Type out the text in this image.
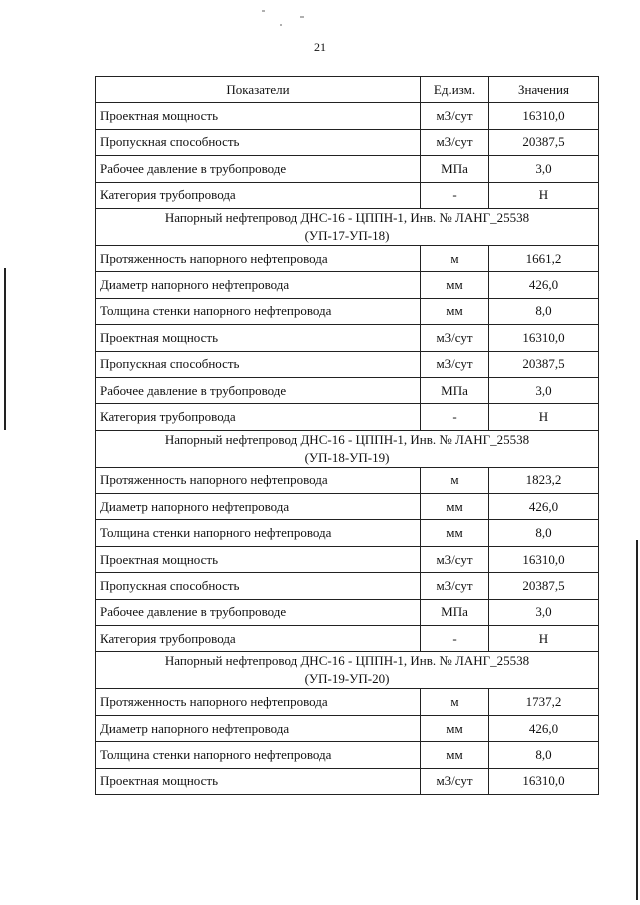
21
Показатели	Ед.изм.	Значения
Проектная мощность	м3/сут	16310,0
Пропускная способность	м3/сут	20387,5
Рабочее давление в трубопроводе	МПа	3,0
Категория трубопровода	-	Н

Напорный нефтепровод ДНС-16 - ЦППН-1, Инв. № ЛАНГ_25538
(УП-17-УП-18)		

Протяженность напорного нефтепровода	м	1661,2
Диаметр напорного нефтепровода	мм	426,0
Толщина стенки напорного нефтепровода	мм	8,0
Проектная мощность	м3/сут	16310,0
Пропускная способность	м3/сут	20387,5
Рабочее давление в трубопроводе	МПа	3,0
Категория трубопровода	-	Н

Напорный нефтепровод ДНС-16 - ЦППН-1, Инв. № ЛАНГ_25538
(УП-18-УП-19)		

Протяженность напорного нефтепровода	м	1823,2
Диаметр напорного нефтепровода	мм	426,0
Толщина стенки напорного нефтепровода	мм	8,0
Проектная мощность	м3/сут	16310,0
Пропускная способность	м3/сут	20387,5
Рабочее давление в трубопроводе	МПа	3,0
Категория трубопровода	-	Н

Напорный нефтепровод ДНС-16 - ЦППН-1, Инв. № ЛАНГ_25538
(УП-19-УП-20)		

Протяженность напорного нефтепровода	м	1737,2
Диаметр напорного нефтепровода	мм	426,0
Толщина стенки напорного нефтепровода	мм	8,0
Проектная мощность	м3/сут	16310,0
